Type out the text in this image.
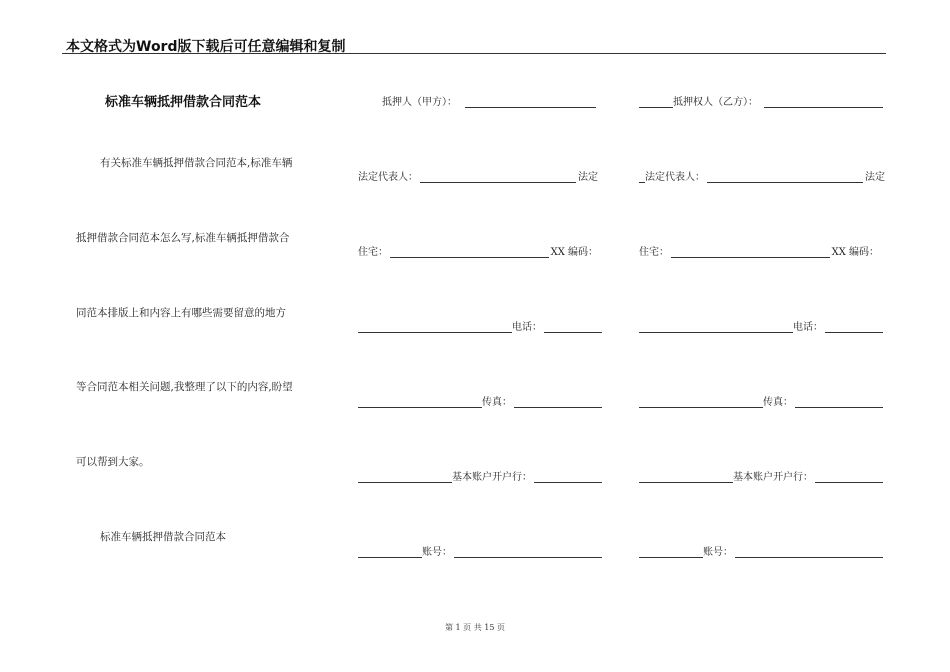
本文格式为Word版下载后可任意编辑和复制
标准车辆抵押借款合同范本
有关标准车辆抵押借款合同范本,标准车辆
抵押借款合同范本怎么写,标准车辆抵押借款合
同范本排版上和内容上有哪些需要留意的地方
等合同范本相关问题,我整理了以下的内容,盼望
可以帮到大家。
标准车辆抵押借款合同范本
抵押人（甲方）：
法定代表人：	法定
住宅：	XX 编码：
电话：
传真：
基本账户开户行：
账号：
抵押权人（乙方）：
法定代表人：	法定
住宅：	XX 编码：
电话：
传真：
基本账户开户行：
账号：
第 1 页 共 15 页
